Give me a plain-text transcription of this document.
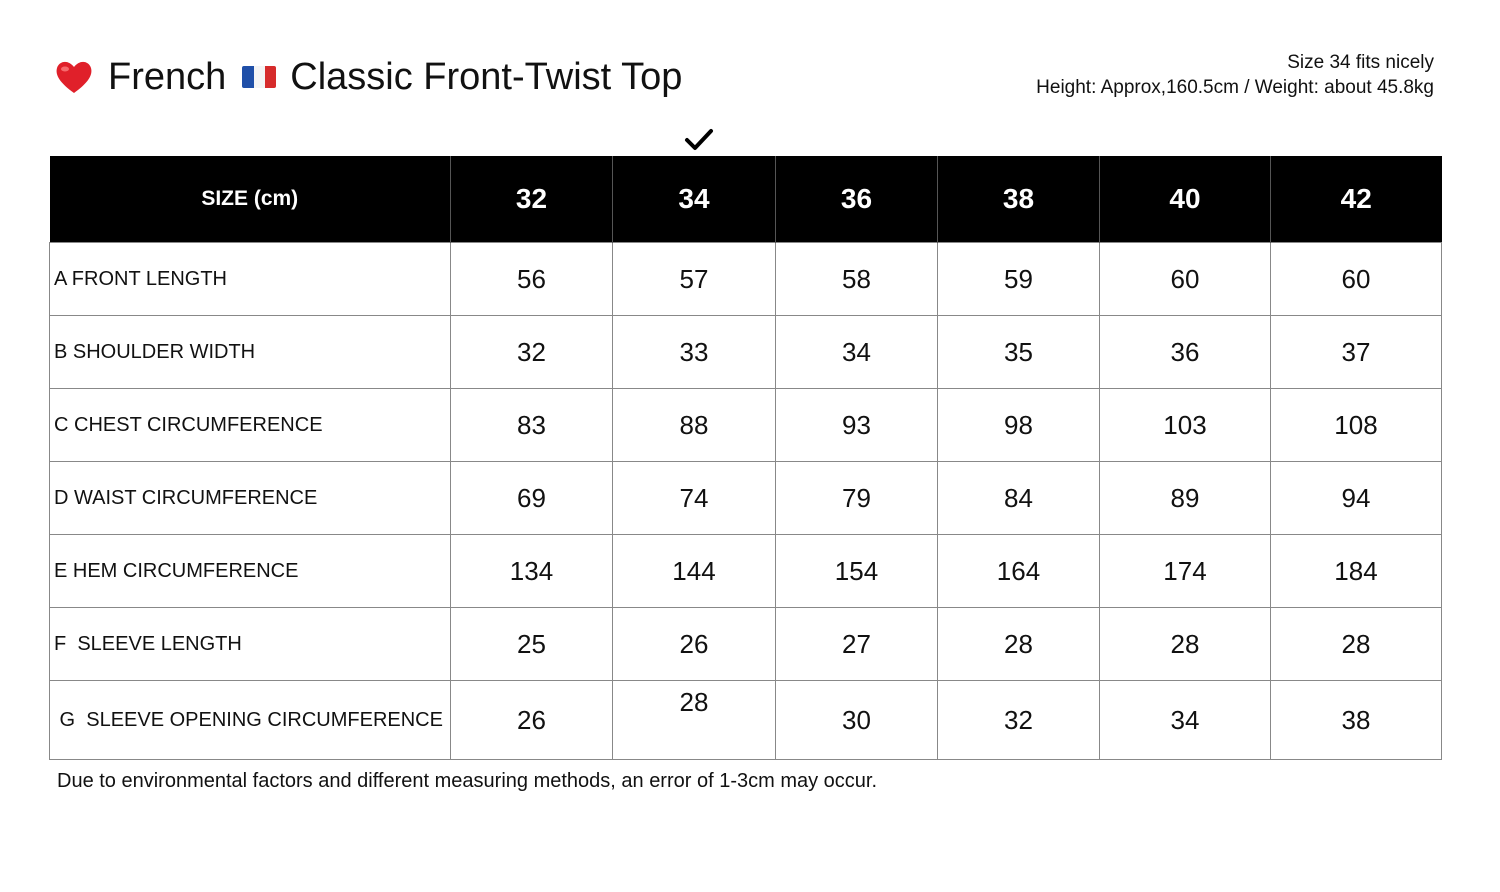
French Classic Front-Twist Top	Size 34 fits nicely
Height: Approx,160.5cm / Weight: about 45.8kg
SIZE (cm)	32	34	36	38	40	42
A FRONT LENGTH	56	57	58	59	60	60
B SHOULDER WIDTH	32	33	34	35	36	37
C CHEST CIRCUMFERENCE	83	88	93	98	103	108
D WAIST CIRCUMFERENCE	69	74	79	84	89	94
E HEM CIRCUMFERENCE	134	144	154	164	174	184
F  SLEEVE LENGTH	25	26	27	28	28	28
G  SLEEVE OPENING CIRCUMFERENCE	26	28	30	32	34	38
Due to environmental factors and different measuring methods, an error of 1-3cm may occur.
